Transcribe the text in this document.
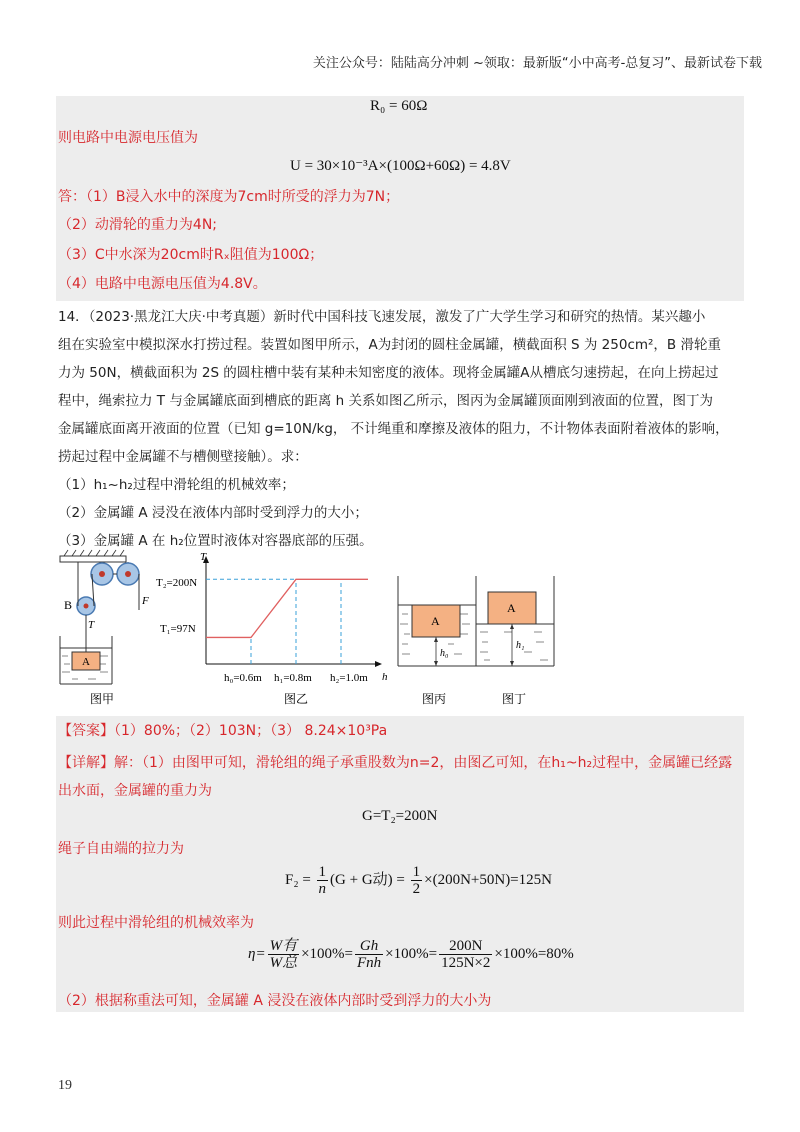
关注公众号：陆陆高分冲刺 ~领取：最新版“小中高考-总复习”、最新试卷下载
R₀ = 60Ω
则电路中电源电压值为
U = 30×10⁻³A×(100Ω+60Ω) = 4.8V
答：（1）B浸入水中的深度为7cm时所受的浮力为7N；
（2）动滑轮的重力为4N;
（3）C中水深为20cm时Rₓ阻值为100Ω；
（4）电路中电源电压值为4.8V。

14．（2023·黑龙江大庆·中考真题）新时代中国科技飞速发展，激发了广大学生学习和研究的热情。某兴趣小

组在实验室中模拟深水打捞过程。装置如图甲所示，A为封闭的圆柱金属罐，横截面积 S 为 250cm²，B 滑轮重

力为 50N，横截面积为 2S 的圆柱槽中装有某种未知密度的液体。现将金属罐A从槽底匀速捞起，在向上捞起过

程中，绳索拉力 T 与金属罐底面到槽底的距离 h 关系如图乙所示，图丙为金属罐顶面刚到液面的位置，图丁为

金属罐底面离开液面的位置（已知 g=10N/kg， 不计绳重和摩擦及液体的阻力，不计物体表面附着液体的影响，

捞起过程中金属罐不与槽侧壁接触）。求：

（1）h₁~h₂过程中滑轮组的机械效率；

（2）金属罐 A 浸没在液体内部时受到浮力的大小；

（3）金属罐 A 在 h₂位置时液体对容器底部的压强。

A
B
T
F
图甲
T
h
T₂=200N
T₁=97N
h₀=0.6m h₁=0.8m h₂=1.0m
图乙
A
h₀
图丙
A
h₁
图丁
【答案】（1）80%；（2）103N；（3） 8.24×10³Pa
【详解】解：（1）由图甲可知，滑轮组的绳子承重股数为n=2，由图乙可知，在h₁~h₂过程中，金属罐已经露
出水面，金属罐的重力为
G=T₂=200N
绳子自由端的拉力为
$F_2 = \frac{1}{n} (G + G$动) = $\frac{1}{2} \times(200N+50N)=125N$
则此过程中滑轮组的机械效率为
$\eta= \frac{\text{W有}}{\text{W总}} \times 100\%= \frac{Gh}{\text{Fnh}} \times 100\%= \frac{200N}{125N\times 2} \times 100\%=80\%$
（2）根据称重法可知，金属罐 A 浸没在液体内部时受到浮力的大小为
19
